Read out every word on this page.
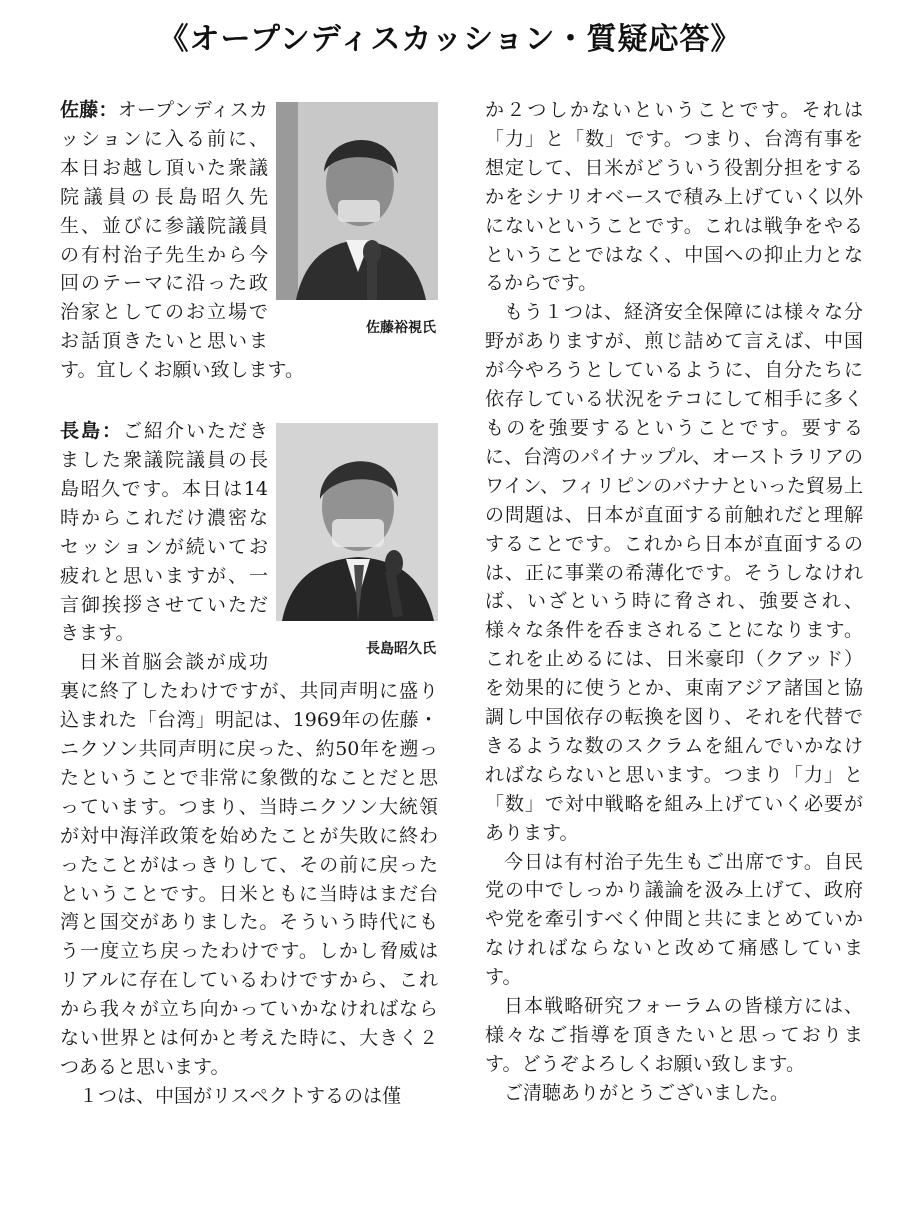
《オープンディスカッション・質疑応答》
佐藤裕視氏

佐藤：オープンディスカッションに入る前に、本日お越し頂いた衆議院議員の長島昭久先生、並びに参議院議員の有村治子先生から今回のテーマに沿った政治家としてのお立場でお話頂きたいと思います。宜しくお願い致します。

長島昭久氏

長島：ご紹介いただきました衆議院議員の長島昭久です。本日は14時からこれだけ濃密なセッションが続いてお疲れと思いますが、一言御挨拶させていただきます。

日米首脳会談が成功裏に終了したわけですが、共同声明に盛り込まれた「台湾」明記は、1969年の佐藤・ニクソン共同声明に戻った、約50年を遡ったということで非常に象徴的なことだと思っています。つまり、当時ニクソン大統領が対中海洋政策を始めたことが失敗に終わったことがはっきりして、その前に戻ったということです。日米ともに当時はまだ台湾と国交がありました。そういう時代にもう一度立ち戻ったわけです。しかし脅威はリアルに存在しているわけですから、これから我々が立ち向かっていかなければならない世界とは何かと考えた時に、大きく２つあると思います。

１つは、中国がリスペクトするのは僅

か２つしかないということです。それは「力」と「数」です。つまり、台湾有事を想定して、日米がどういう役割分担をするかをシナリオベースで積み上げていく以外にないということです。これは戦争をやるということではなく、中国への抑止力となるからです。

もう１つは、経済安全保障には様々な分野がありますが、煎じ詰めて言えば、中国が今やろうとしているように、自分たちに依存している状況をテコにして相手に多くものを強要するということです。要するに、台湾のパイナップル、オーストラリアのワイン、フィリピンのバナナといった貿易上の問題は、日本が直面する前触れだと理解することです。これから日本が直面するのは、正に事業の希薄化です。そうしなければ、いざという時に脅され、強要され、様々な条件を呑まされることになります。これを止めるには、日米豪印（クアッド）を効果的に使うとか、東南アジア諸国と協調し中国依存の転換を図り、それを代替できるような数のスクラムを組んでいかなければならないと思います。つまり「力」と「数」で対中戦略を組み上げていく必要があります。

今日は有村治子先生もご出席です。自民党の中でしっかり議論を汲み上げて、政府や党を牽引すべく仲間と共にまとめていかなければならないと改めて痛感しています。

日本戦略研究フォーラムの皆様方には、様々なご指導を頂きたいと思っております。どうぞよろしくお願い致します。

ご清聴ありがとうございました。
